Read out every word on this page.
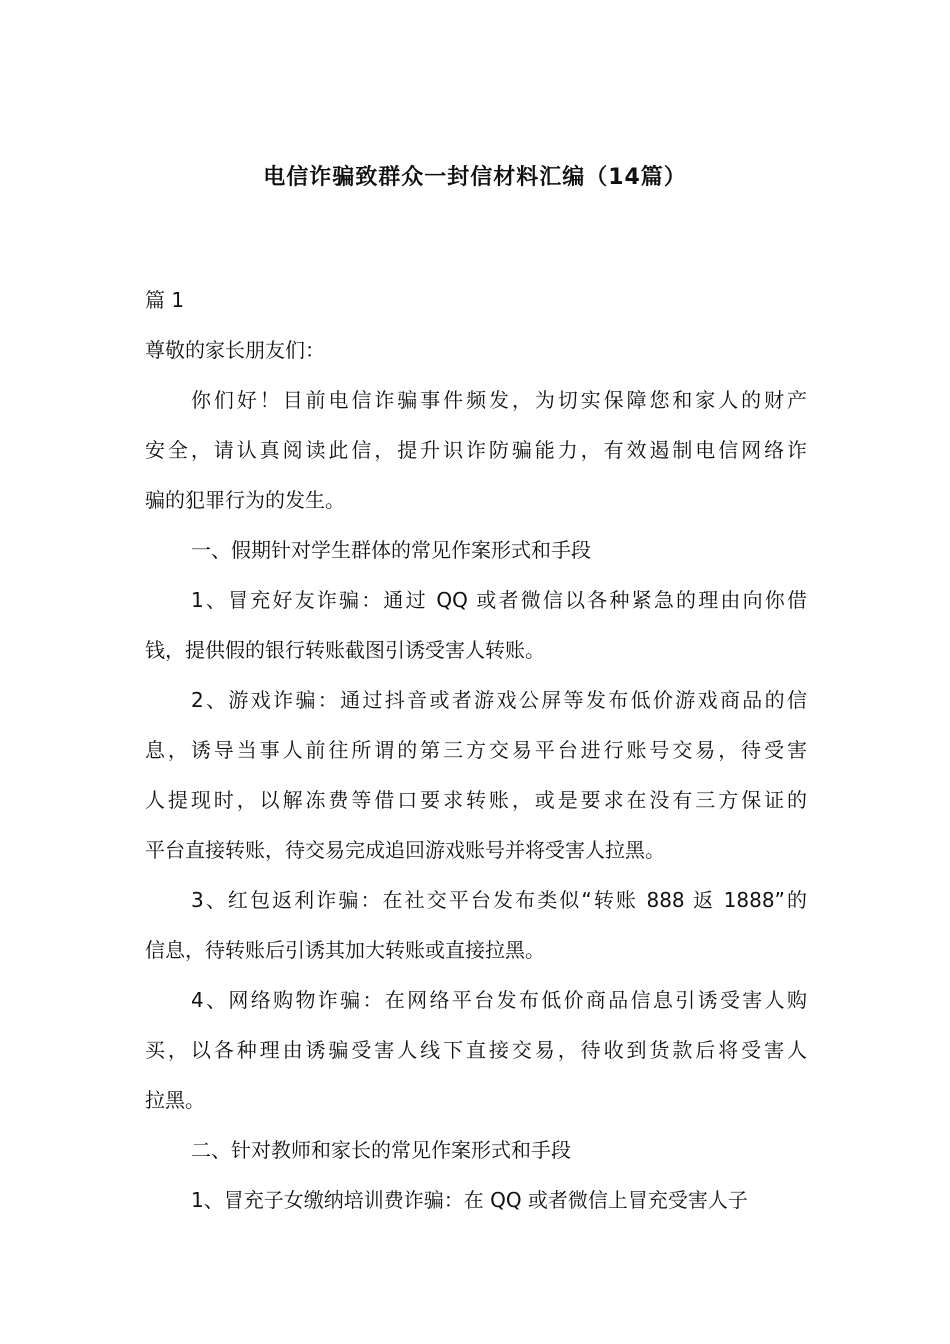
电信诈骗致群众一封信材料汇编（14篇）
篇 1
尊敬的家长朋友们：
你们好！目前电信诈骗事件频发，为切实保障您和家人的财产
安全，请认真阅读此信，提升识诈防骗能力，有效遏制电信网络诈
骗的犯罪行为的发生。
一、假期针对学生群体的常见作案形式和手段
1、冒充好友诈骗：通过 QQ 或者微信以各种紧急的理由向你借
钱，提供假的银行转账截图引诱受害人转账。
2、游戏诈骗：通过抖音或者游戏公屏等发布低价游戏商品的信
息，诱导当事人前往所谓的第三方交易平台进行账号交易，待受害
人提现时，以解冻费等借口要求转账，或是要求在没有三方保证的
平台直接转账，待交易完成追回游戏账号并将受害人拉黑。
3、红包返利诈骗：在社交平台发布类似“转账 888 返 1888”的
信息，待转账后引诱其加大转账或直接拉黑。
4、网络购物诈骗：在网络平台发布低价商品信息引诱受害人购
买，以各种理由诱骗受害人线下直接交易，待收到货款后将受害人
拉黑。
二、针对教师和家长的常见作案形式和手段
1、冒充子女缴纳培训费诈骗：在 QQ 或者微信上冒充受害人子
